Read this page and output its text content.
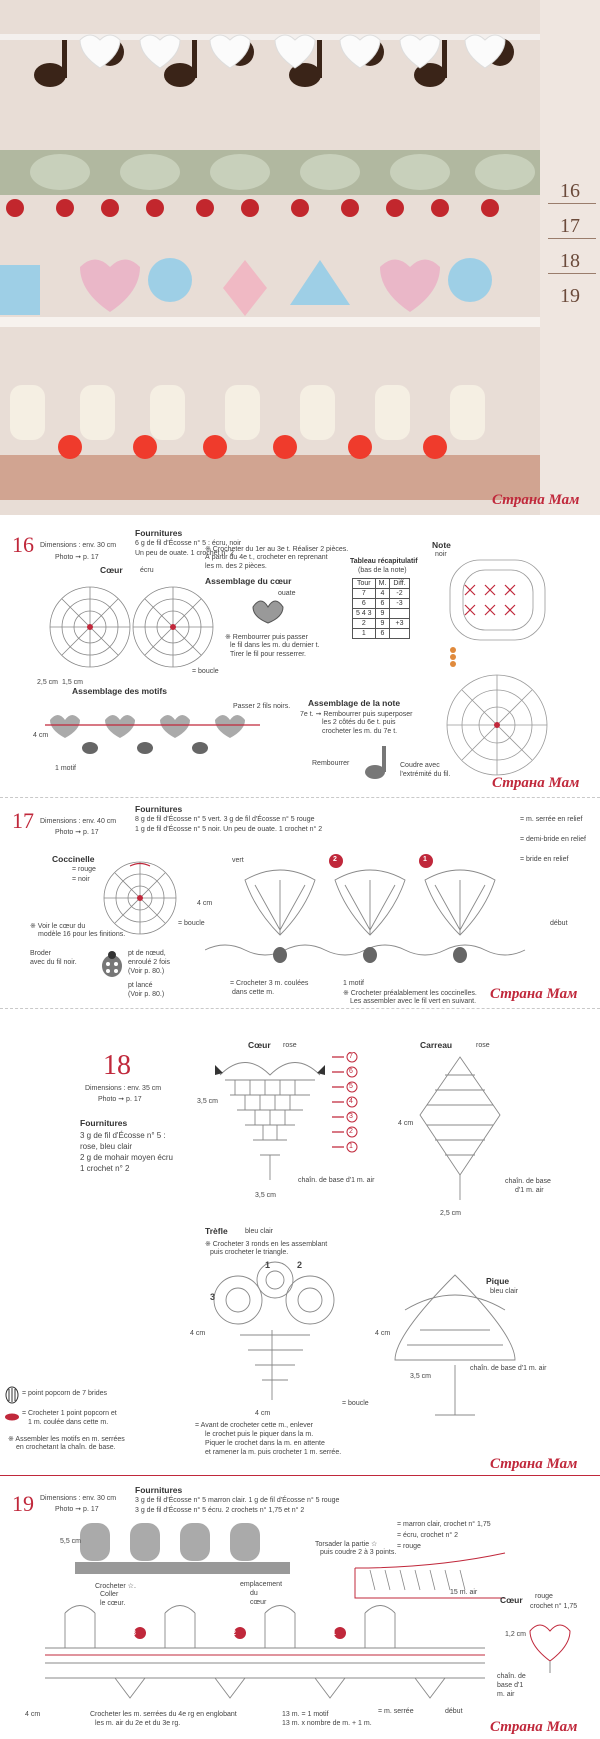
16
17
18
19
Страна Мам
16 Dimensions : env. 30 cm
Photo ➞ p. 17
Fournitures
6 g de fil d'Écosse n° 5 : écru, noir
Un peu de ouate. 1 crochet n° 2
Cœur écru
Assemblage du cœur
※ Crocheter du 1er au 3e t. Réaliser 2 pièces.
À partir du 4e t., crocheter en reprenant
les m. des 2 pièces.
ouate
※ Rembourrer puis passer
le fil dans les m. du dernier t.
Tirer le fil pour resserrer.
= boucle
Tableau récapitulatif
(bas de la note)
Tour	M.	Diff.
7	4	-2
6	6	-3
5 4 3	9	
2	9	+3
1	6	
Note
noir
Assemblage des motifs
2,5 cm 1,5 cm
Passer 2 fils noirs.
4 cm
1 motif
Assemblage de la note
7e t. ➞ Rembourrer puis superposer
les 2 côtés du 6e t. puis
crocheter les m. du 7e t.
Rembourrer	Coudre avec
l'extrémité du fil.
Страна Мам
17 Dimensions : env. 40 cm
Photo ➞ p. 17
Fournitures
8 g de fil d'Écosse n° 5 vert. 3 g de fil d'Écosse n° 5 rouge
1 g de fil d'Écosse n° 5 noir. Un peu de ouate. 1 crochet n° 2
= m. serrée en relief
= demi-bride en relief
= bride en relief
Coccinelle
= rouge
= noir
= boucle
※ Voir le cœur du
modèle 16 pour les finitions.
Broder
avec du fil noir.
pt de nœud,
enroulé 2 fois
(Voir p. 80.)
pt lancé
(Voir p. 80.)
vert	2	1
4 cm
début
= Crocheter 3 m. coulées
dans cette m.
1 motif
※ Crocheter préalablement les coccinelles.
Les assembler avec le fil vert en suivant. Страна Мам
18
Dimensions : env. 35 cm
Photo ➞ p. 17
Fournitures
3 g de fil d'Écosse n° 5 :
rose, bleu clair
2 g de mohair moyen écru
1 crochet n° 2
Cœur rose
3,5 cm
3,5 cm
chaîn. de base d'1 m. air
7
6
5
4
3
2
1
Carreau	rose
4 cm
2,5 cm
chaîn. de base
d'1 m. air
Trèfle bleu clair
※ Crocheter 3 ronds en les assemblant
puis crocheter le triangle.
3
2
1
4 cm
4 cm
= boucle
Pique
bleu clair
3,5 cm
4 cm
chaîn. de base d'1 m. air
= point popcorn de 7 brides
= Crocheter 1 point popcorn et
1 m. coulée dans cette m.
※ Assembler les motifs en m. serrées
en crochetant la chaîn. de base.
= Avant de crocheter cette m., enlever
le crochet puis le piquer dans la m.
Piquer le crochet dans la m. en attente
et ramener la m. puis crocheter 1 m. serrée.
Страна Мам
19 Dimensions : env. 30 cm
Photo ➞ p. 17
Fournitures
3 g de fil d'Écosse n° 5 marron clair. 1 g de fil d'Écosse n° 5 rouge
3 g de fil d'Écosse n° 5 écru. 2 crochets n° 1,75 et n° 2
= marron clair, crochet n° 1,75
= écru, crochet n° 2
= rouge
5,5 cm	Torsader la partie ☆
puis coudre 2 à 3 points.
15 m. air
Crocheter ☆.
Coller
le cœur.
emplacement
du
cœur
3	2	1
4 cm
Cœur rouge
crochet n° 1,75
1,2 cm
chaîn. de
base d'1
m. air
Crocheter les m. serrées du 4e rg en englobant
les m. air du 2e et du 3e rg.
13 m. = 1 motif
13 m. x nombre de m. + 1 m.
= m. serrée	début
Страна Мам
